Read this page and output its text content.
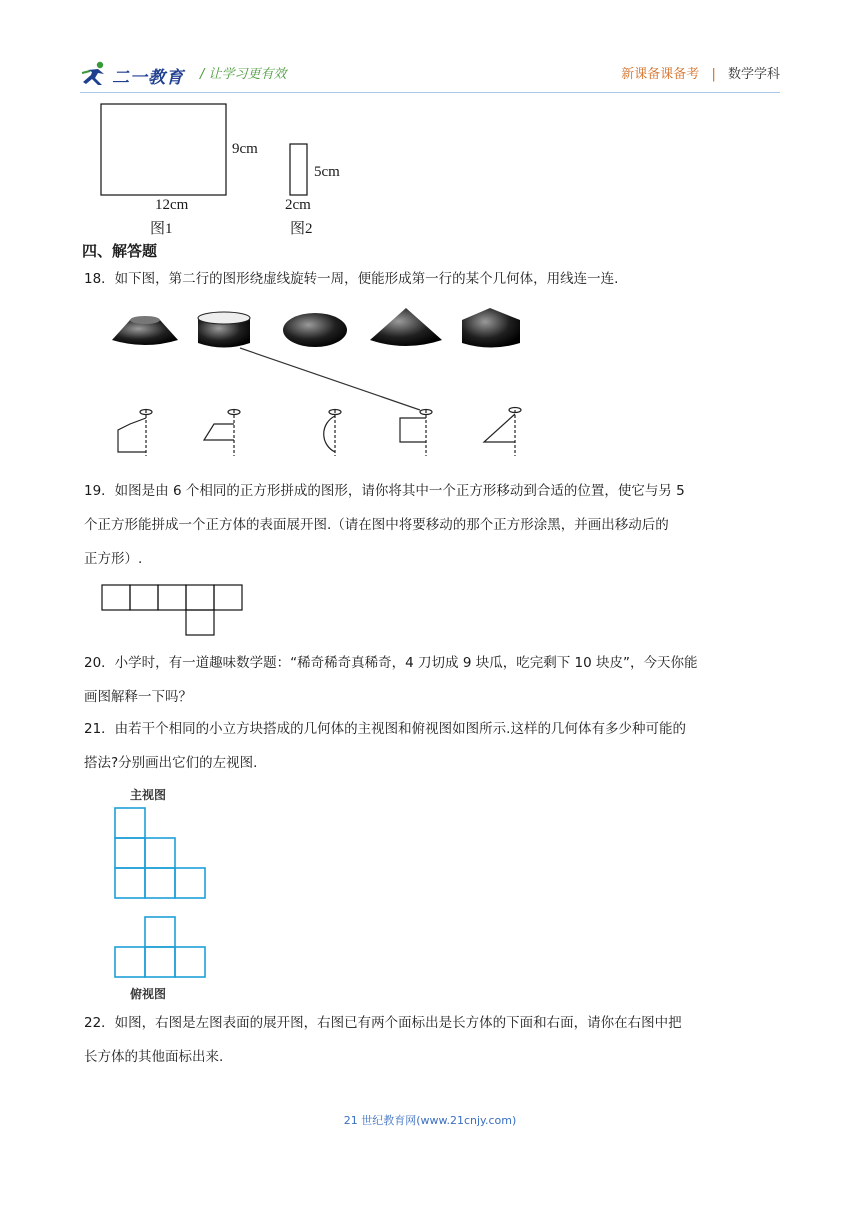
二一教育 / 让学习更有效	新课备课备考 | 数学学科
9cm
12cm
图1
5cm
2cm
图2
四、解答题
18．如下图，第二行的图形绕虚线旋转一周，便能形成第一行的某个几何体，用线连一连.
19．如图是由 6 个相同的正方形拼成的图形，请你将其中一个正方形移动到合适的位置，使它与另 5
个正方形能拼成一个正方体的表面展开图.（请在图中将要移动的那个正方形涂黑，并画出移动后的
正方形）.
20．小学时，有一道趣味数学题：“稀奇稀奇真稀奇，4 刀切成 9 块瓜，吃完剩下 10 块皮”，今天你能
画图解释一下吗？
21．由若干个相同的小立方块搭成的几何体的主视图和俯视图如图所示.这样的几何体有多少种可能的
搭法?分别画出它们的左视图.
主视图
俯视图
22．如图，右图是左图表面的展开图，右图已有两个面标出是长方体的下面和右面，请你在右图中把
长方体的其他面标出来.
21 世纪教育网(www.21cnjy.com)
